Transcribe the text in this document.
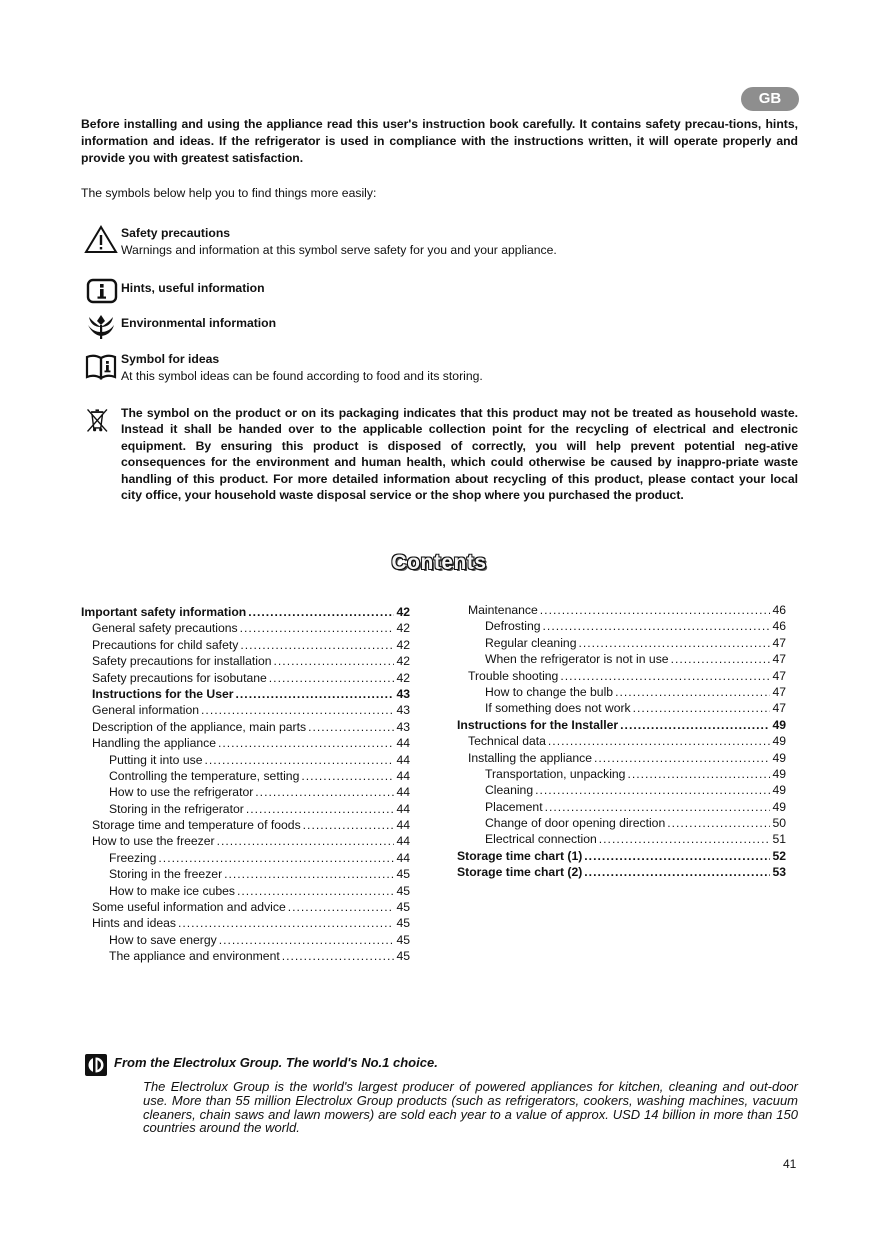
GB

Before installing and using the appliance read this user's instruction book carefully. It contains safety precau-tions, hints, information and ideas. If the refrigerator is used in compliance with the instructions written, it will operate properly and provide you with greatest satisfaction.

The symbols below help you to find things more easily:

Safety precautions
Warnings and information at this symbol serve safety for you and your appliance.
Hints, useful information
Environmental information
Symbol for ideas
At this symbol ideas can be found according to food and its storing.
The symbol on the product or on its packaging indicates that this product may not be treated as household waste. Instead it shall be handed over to the applicable collection point for the recycling of electrical and electronic equipment. By ensuring this product is disposed of correctly, you will help prevent potential neg-ative consequences for the environment and human health, which could otherwise be caused by inappro-priate waste handling of this product. For more detailed information about recycling of this product, please contact your local city office, your household waste disposal service or the shop where you purchased the product.
Contents
Important safety information .....	42
General safety precautions .....	42
Precautions for child safety .....	42
Safety precautions for installation .....	42
Safety precautions for isobutane .....	42
Instructions for the User .....	43
General information .....	43
Description of the appliance, main parts .....	43
Handling the appliance .....	44
Putting it into use .....	44
Controlling the temperature, setting .....	44
How to use the refrigerator .....	44
Storing in the refrigerator .....	44
Storage time and temperature of foods .....	44
How to use the freezer .....	44
Freezing .....	44
Storing in the freezer .....	45
How to make ice cubes .....	45
Some useful information and advice .....	45
Hints and ideas .....	45
How to save energy .....	45
The appliance and environment .....	45
Maintenance .....	46
Defrosting .....	46
Regular cleaning .....	47
When the refrigerator is not in use .....	47
Trouble shooting .....	47
How to change the bulb .....	47
If something does not work .....	47
Instructions for the Installer .....	49
Technical data .....	49
Installing the appliance .....	49
Transportation, unpacking .....	49
Cleaning .....	49
Placement .....	49
Change of door opening direction .....	50
Electrical connection .....	51
Storage time chart (1) .....	52
Storage time chart (2) .....	53

From the Electrolux Group. The world's No.1 choice.

The Electrolux Group is the world's largest producer of powered appliances for kitchen, cleaning and out-door use. More than 55 million Electrolux Group products (such as refrigerators, cookers, washing machines, vacuum cleaners, chain saws and lawn mowers) are sold each year to a value of approx. USD 14 billion in more than 150 countries around the world.

41
